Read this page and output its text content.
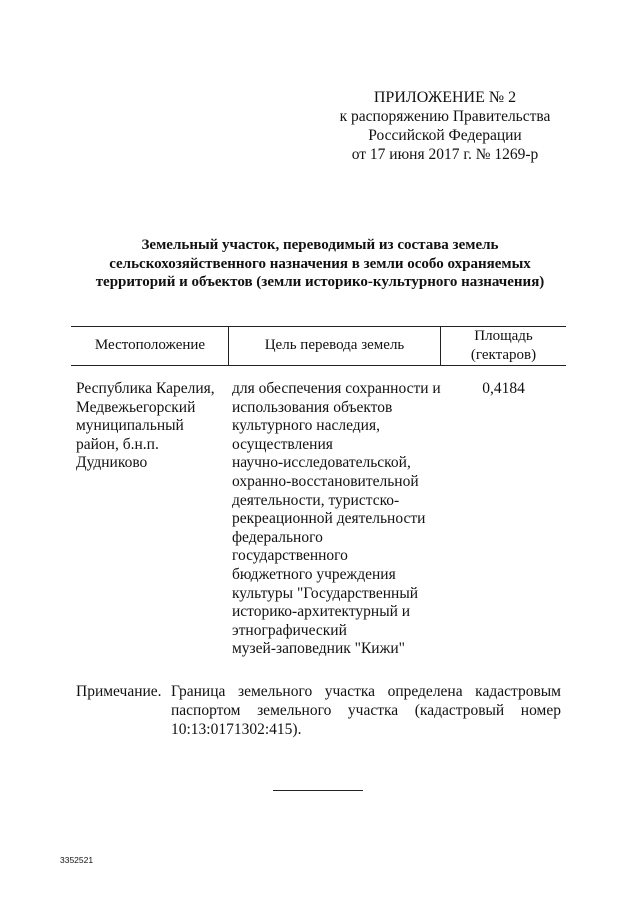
ПРИЛОЖЕНИЕ № 2
к распоряжению Правительства
Российской Федерации
от 17 июня 2017 г. № 1269-р
Земельный участок, переводимый из состава земель
сельскохозяйственного назначения в земли особо охраняемых
территорий и объектов (земли историко-культурного назначения)
Местоположение	Цель перевода земель
Площадь
(гектаров)
Республика Карелия,
Медвежьегорский
муниципальный
район, б.н.п.
Дудниково
для обеспечения сохранности и
использования объектов
культурного наследия,
осуществления
научно-исследовательской,
охранно-восстановительной
деятельности, туристско-
рекреационной деятельности
федерального
государственного
бюджетного учреждения
культуры "Государственный
историко-архитектурный и
этнографический
музей-заповедник "Кижи"
0,4184
Примечание. Граница земельного участка определена кадастровым паспортом земельного участка (кадастровый номер 10:13:0171302:415).
3352521
